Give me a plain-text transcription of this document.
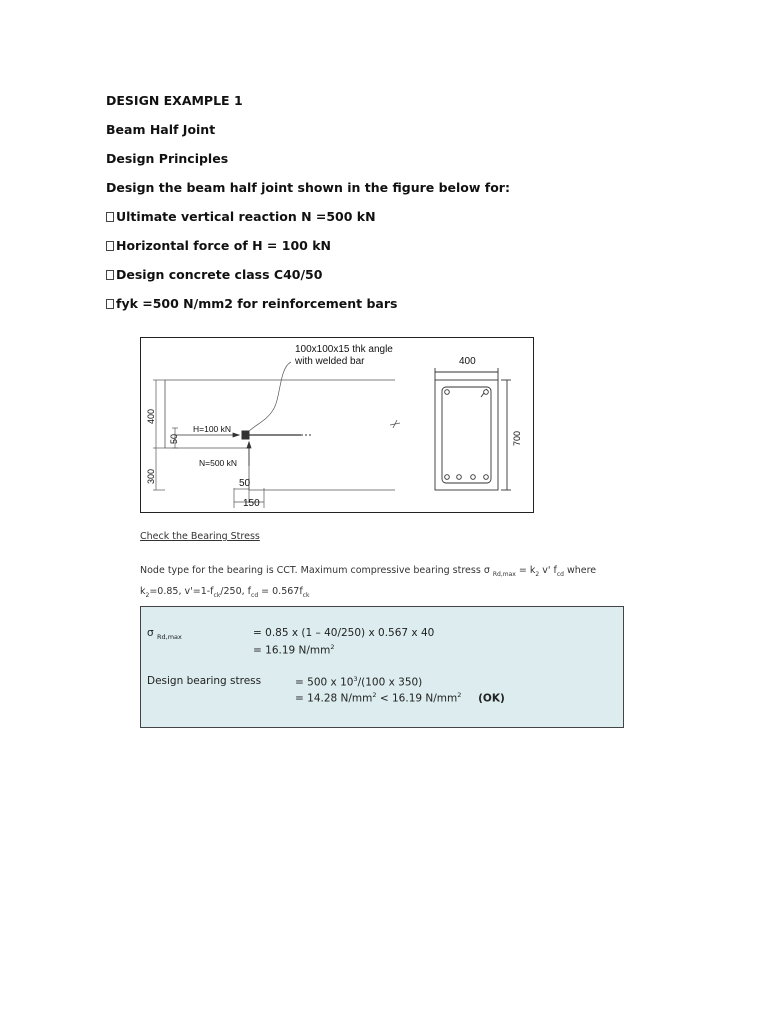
DESIGN EXAMPLE 1
Beam Half Joint
Design Principles
Design the beam half joint shown in the figure below for:
Ultimate vertical reaction N =500 kN
Horizontal force of H = 100 kN
Design concrete class C40/50
fyk =500 N/mm2 for reinforcement bars
100x100x15 thk angle
with welded bar	400
400
300
50
H=100 kN
N=500 kN
50
150
700
Check the Bearing Stress
Node type for the bearing is CCT. Maximum compressive bearing stress σ $_{Rd,max} = k_2$ v' $f_{cd}$ where
$k_2=0.85$, $v'=1-f_{ck}/250$, $f_{cd} = 0.567f_{ck}$
σ $_{Rd,max}$	= 0.85 x (1 – 40/250) x 0.567 x 40
= 16.19 $N/mm^2$
Design bearing stress	= 500 x $10^3/(100$ x 350)
= 14.28 $N/mm^2 < 16.19$ $N/mm^2$ (OK)
